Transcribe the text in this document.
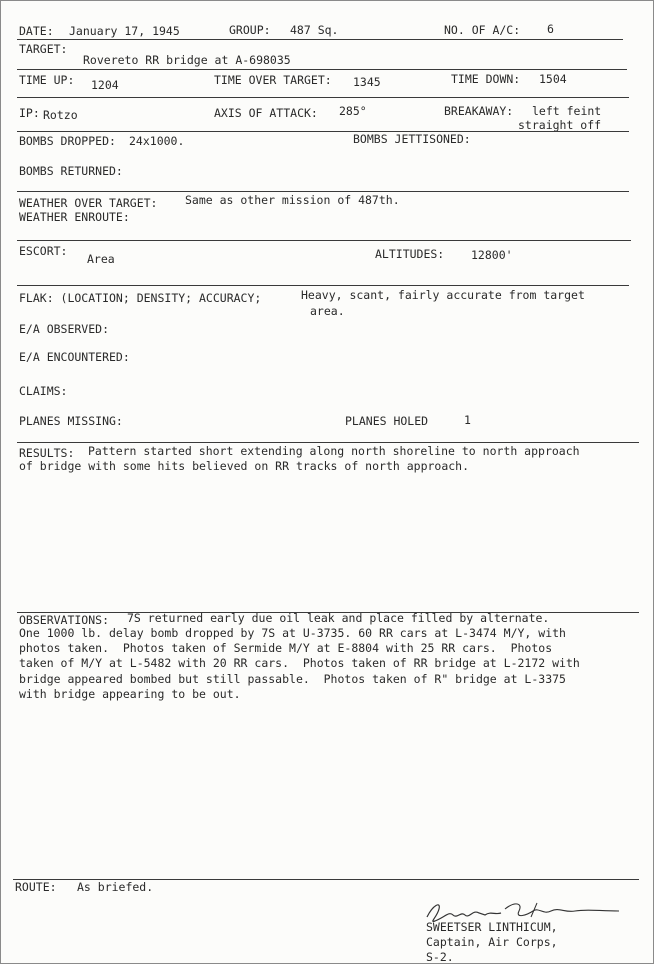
DATE: January 17, 1945	GROUP: 487 Sq.	NO. OF A/C: 6
TARGET:
Rovereto RR bridge at A-698035
TIME UP: 1204	TIME OVER TARGET: 1345	TIME DOWN: 1504
IP: Rotzo	AXIS OF ATTACK: 285°	BREAKAWAY: left feint
straight off
BOMBS DROPPED: 24x1000.	BOMBS JETTISONED:
BOMBS RETURNED:
WEATHER OVER TARGET: Same as other mission of 487th.
WEATHER ENROUTE:
ESCORT:
Area	ALTITUDES: 12800'
FLAK: (LOCATION; DENSITY; ACCURACY;	Heavy, scant, fairly accurate from target
area.
E/A OBSERVED:
E/A ENCOUNTERED:
CLAIMS:
PLANES MISSING:	PLANES HOLED	1
RESULTS: Pattern started short extending along north shoreline to north approach
of bridge with some hits believed on RR tracks of north approach.
OBSERVATIONS: 7S returned early due oil leak and place filled by alternate.
One 1000 lb. delay bomb dropped by 7S at U-3735. 60 RR cars at L-3474 M/Y, with
photos taken.  Photos taken of Sermide M/Y at E-8804 with 25 RR cars.  Photos
taken of M/Y at L-5482 with 20 RR cars.  Photos taken of RR bridge at L-2172 with
bridge appeared bombed but still passable.  Photos taken of R" bridge at L-3375
with bridge appearing to be out.
ROUTE: As briefed.
SWEETSER LINTHICUM,
Captain, Air Corps,
S-2.
